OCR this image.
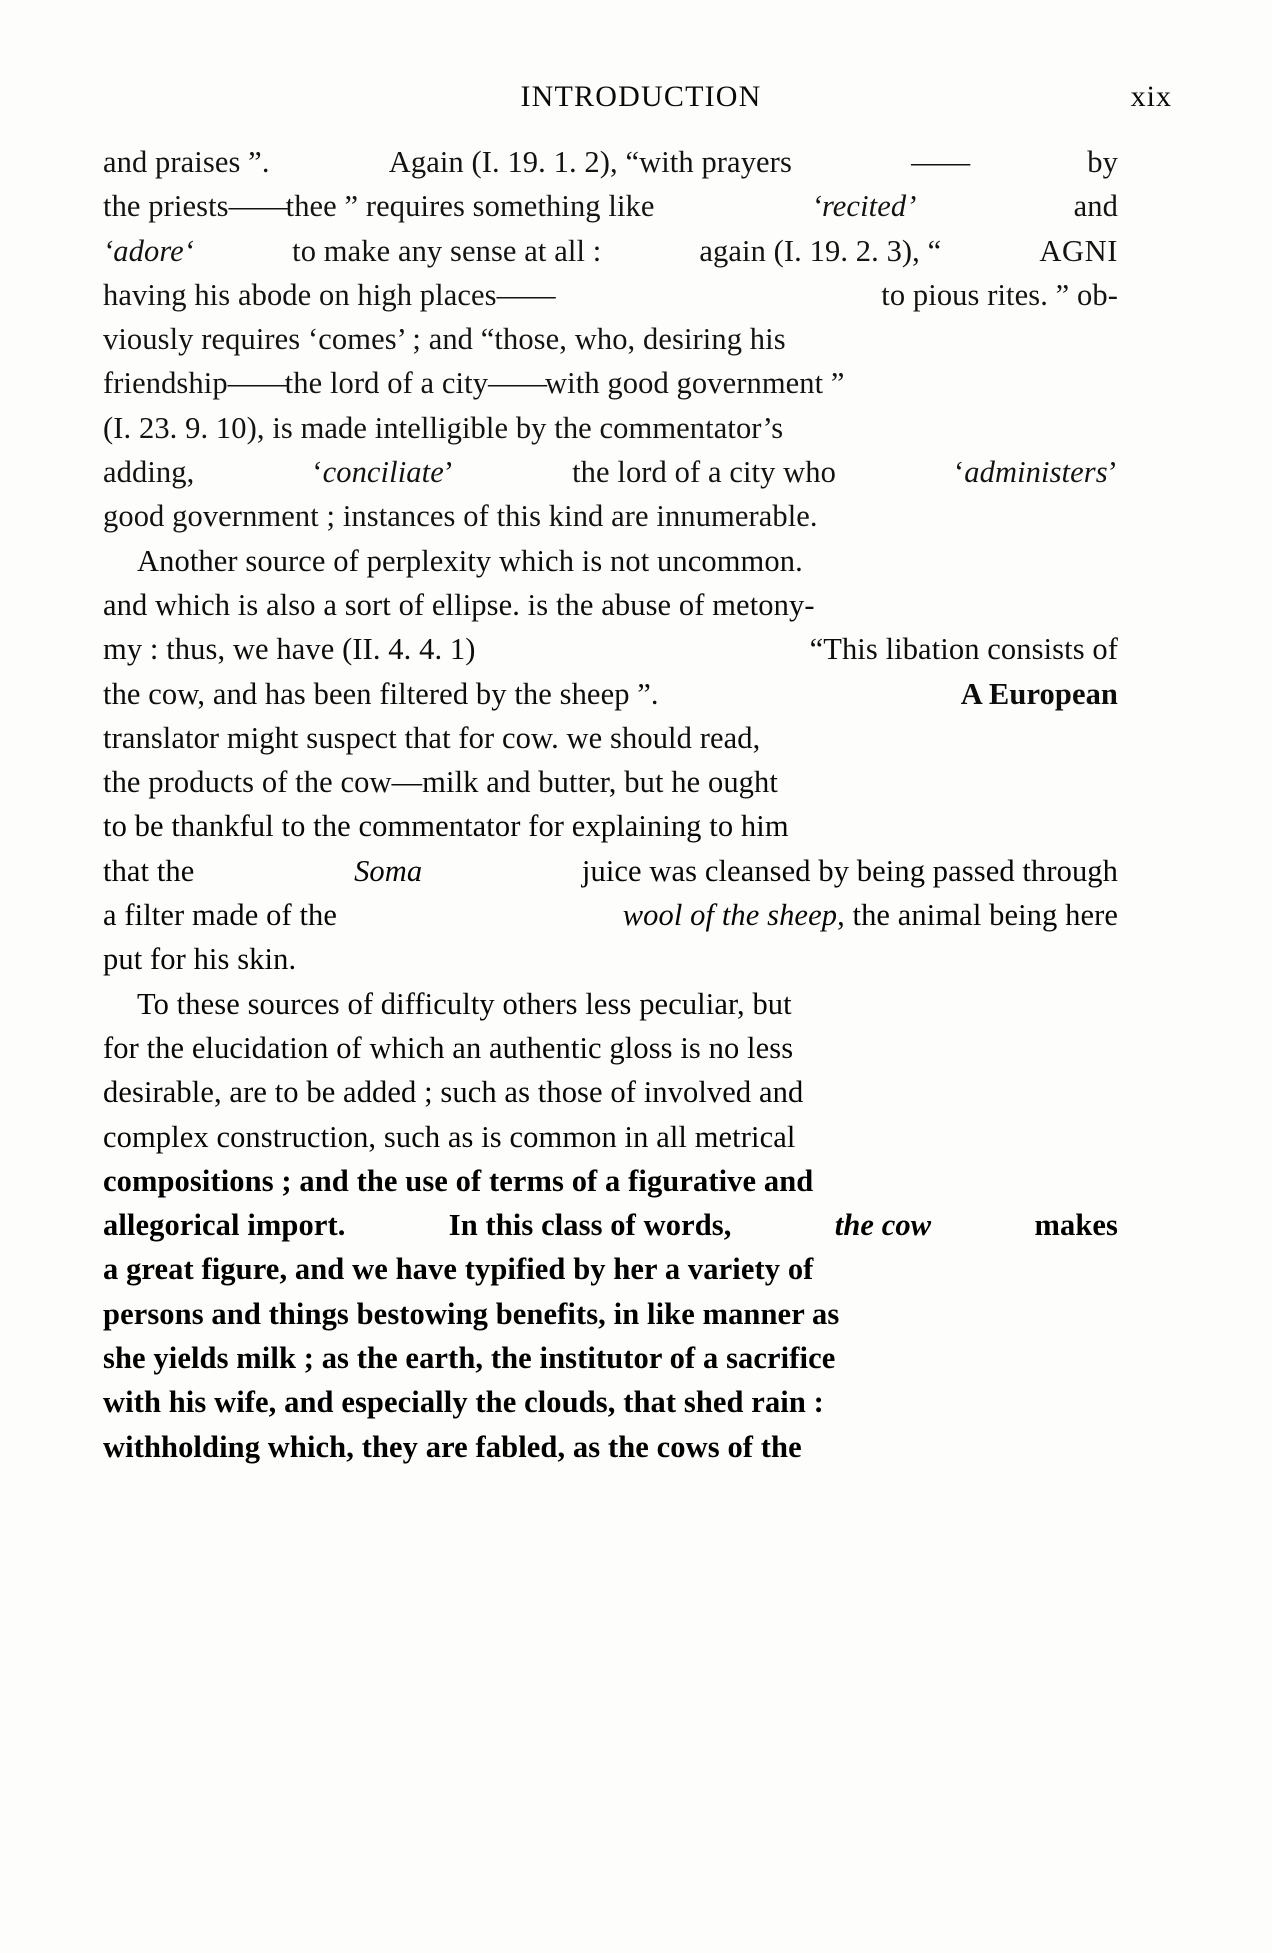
INTRODUCTION	xix
and praises ”.	Again (I. 19. 1. 2), “with prayers	——	by
the priests——thee ” requires something like	‘recited’	and
‘adore‘	to make any sense at all :	again (I. 19. 2. 3), “	AGNI
having his abode on high places——	to pious rites. ” ob-
viously requires ‘comes’ ; and “those, who, desiring his
friendship——the lord of a city——with good government ”
(I. 23. 9. 10), is made intelligible by the commentator’s
adding,	‘conciliate’	the lord of a city who	‘administers’
good government ; instances of this kind are innumerable.
Another source of perplexity which is not uncommon.
and which is also a sort of ellipse. is the abuse of metony-
my : thus, we have (II. 4. 4. 1)	“This libation consists of
the cow, and has been filtered by the sheep ”.	A European
translator might suspect that for cow. we should read,
the products of the cow—milk and butter, but he ought
to be thankful to the commentator for explaining to him
that the	Soma	juice was cleansed by being passed through
a filter made of the	wool of the sheep, the animal being here
put for his skin.
To these sources of difficulty others less peculiar, but
for the elucidation of which an authentic gloss is no less
desirable, are to be added ; such as those of involved and
complex construction, such as is common in all metrical
compositions ; and the use of terms of a figurative and
allegorical import.	In this class of words,	the cow	makes
a great figure, and we have typified by her a variety of
persons and things bestowing benefits, in like manner as
she yields milk ; as the earth, the institutor of a sacrifice
with his wife, and especially the clouds, that shed rain :
withholding which, they are fabled, as the cows of the
